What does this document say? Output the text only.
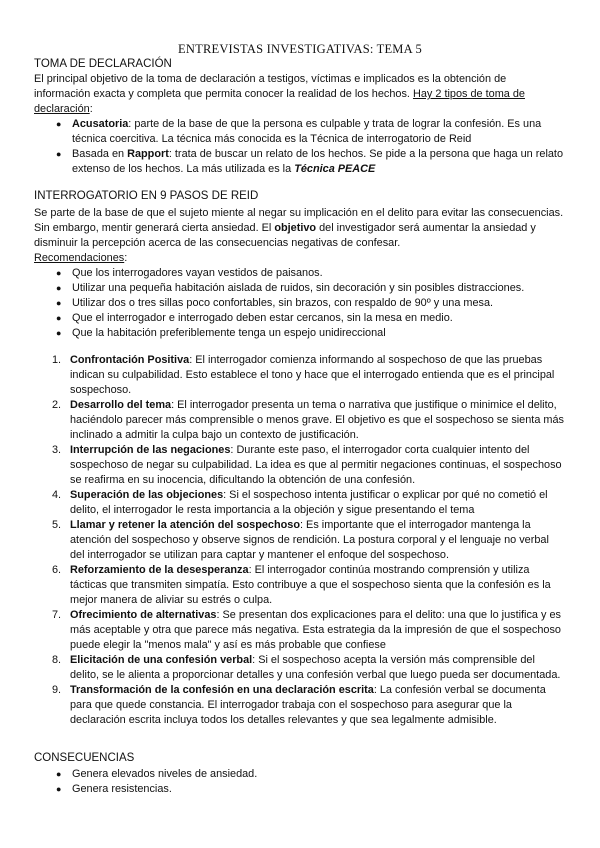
ENTREVISTAS INVESTIGATIVAS: TEMA 5
TOMA DE DECLARACIÓN
El principal objetivo de la toma de declaración a testigos, víctimas e implicados es la obtención de información exacta y completa que permita conocer la realidad de los hechos. Hay 2 tipos de toma de declaración:
● Acusatoria: parte de la base de que la persona es culpable y trata de lograr la confesión. Es una técnica coercitiva. La técnica más conocida es la Técnica de interrogatorio de Reid
● Basada en Rapport: trata de buscar un relato de los hechos. Se pide a la persona que haga un relato extenso de los hechos. La más utilizada es la Técnica PEACE
INTERROGATORIO EN 9 PASOS DE REID
Se parte de la base de que el sujeto miente al negar su implicación en el delito para evitar las consecuencias. Sin embargo, mentir generará cierta ansiedad. El objetivo del investigador será aumentar la ansiedad y disminuir la percepción acerca de las consecuencias negativas de confesar.
Recomendaciones:
● Que los interrogadores vayan vestidos de paisanos.
● Utilizar una pequeña habitación aislada de ruidos, sin decoración y sin posibles distracciones.
● Utilizar dos o tres sillas poco confortables, sin brazos, con respaldo de 90º y una mesa.
● Que el interrogador e interrogado deben estar cercanos, sin la mesa en medio.
● Que la habitación preferiblemente tenga un espejo unidireccional
1. Confrontación Positiva: El interrogador comienza informando al sospechoso de que las pruebas indican su culpabilidad. Esto establece el tono y hace que el interrogado entienda que es el principal sospechoso.
2. Desarrollo del tema: El interrogador presenta un tema o narrativa que justifique o minimice el delito, haciéndolo parecer más comprensible o menos grave. El objetivo es que el sospechoso se sienta más inclinado a admitir la culpa bajo un contexto de justificación.
3. Interrupción de las negaciones: Durante este paso, el interrogador corta cualquier intento del sospechoso de negar su culpabilidad. La idea es que al permitir negaciones continuas, el sospechoso se reafirma en su inocencia, dificultando la obtención de una confesión.
4. Superación de las objeciones: Si el sospechoso intenta justificar o explicar por qué no cometió el delito, el interrogador le resta importancia a la objeción y sigue presentando el tema
5. Llamar y retener la atención del sospechoso: Es importante que el interrogador mantenga la atención del sospechoso y observe signos de rendición. La postura corporal y el lenguaje no verbal del interrogador se utilizan para captar y mantener el enfoque del sospechoso.
6. Reforzamiento de la desesperanza: El interrogador continúa mostrando comprensión y utiliza tácticas que transmiten simpatía. Esto contribuye a que el sospechoso sienta que la confesión es la mejor manera de aliviar su estrés o culpa.
7. Ofrecimiento de alternativas: Se presentan dos explicaciones para el delito: una que lo justifica y es más aceptable y otra que parece más negativa. Esta estrategia da la impresión de que el sospechoso puede elegir la "menos mala" y así es más probable que confiese
8. Elicitación de una confesión verbal: Si el sospechoso acepta la versión más comprensible del delito, se le alienta a proporcionar detalles y una confesión verbal que luego pueda ser documentada.
9. Transformación de la confesión en una declaración escrita: La confesión verbal se documenta para que quede constancia. El interrogador trabaja con el sospechoso para asegurar que la declaración escrita incluya todos los detalles relevantes y que sea legalmente admisible.
CONSECUENCIAS
● Genera elevados niveles de ansiedad.
● Genera resistencias.
